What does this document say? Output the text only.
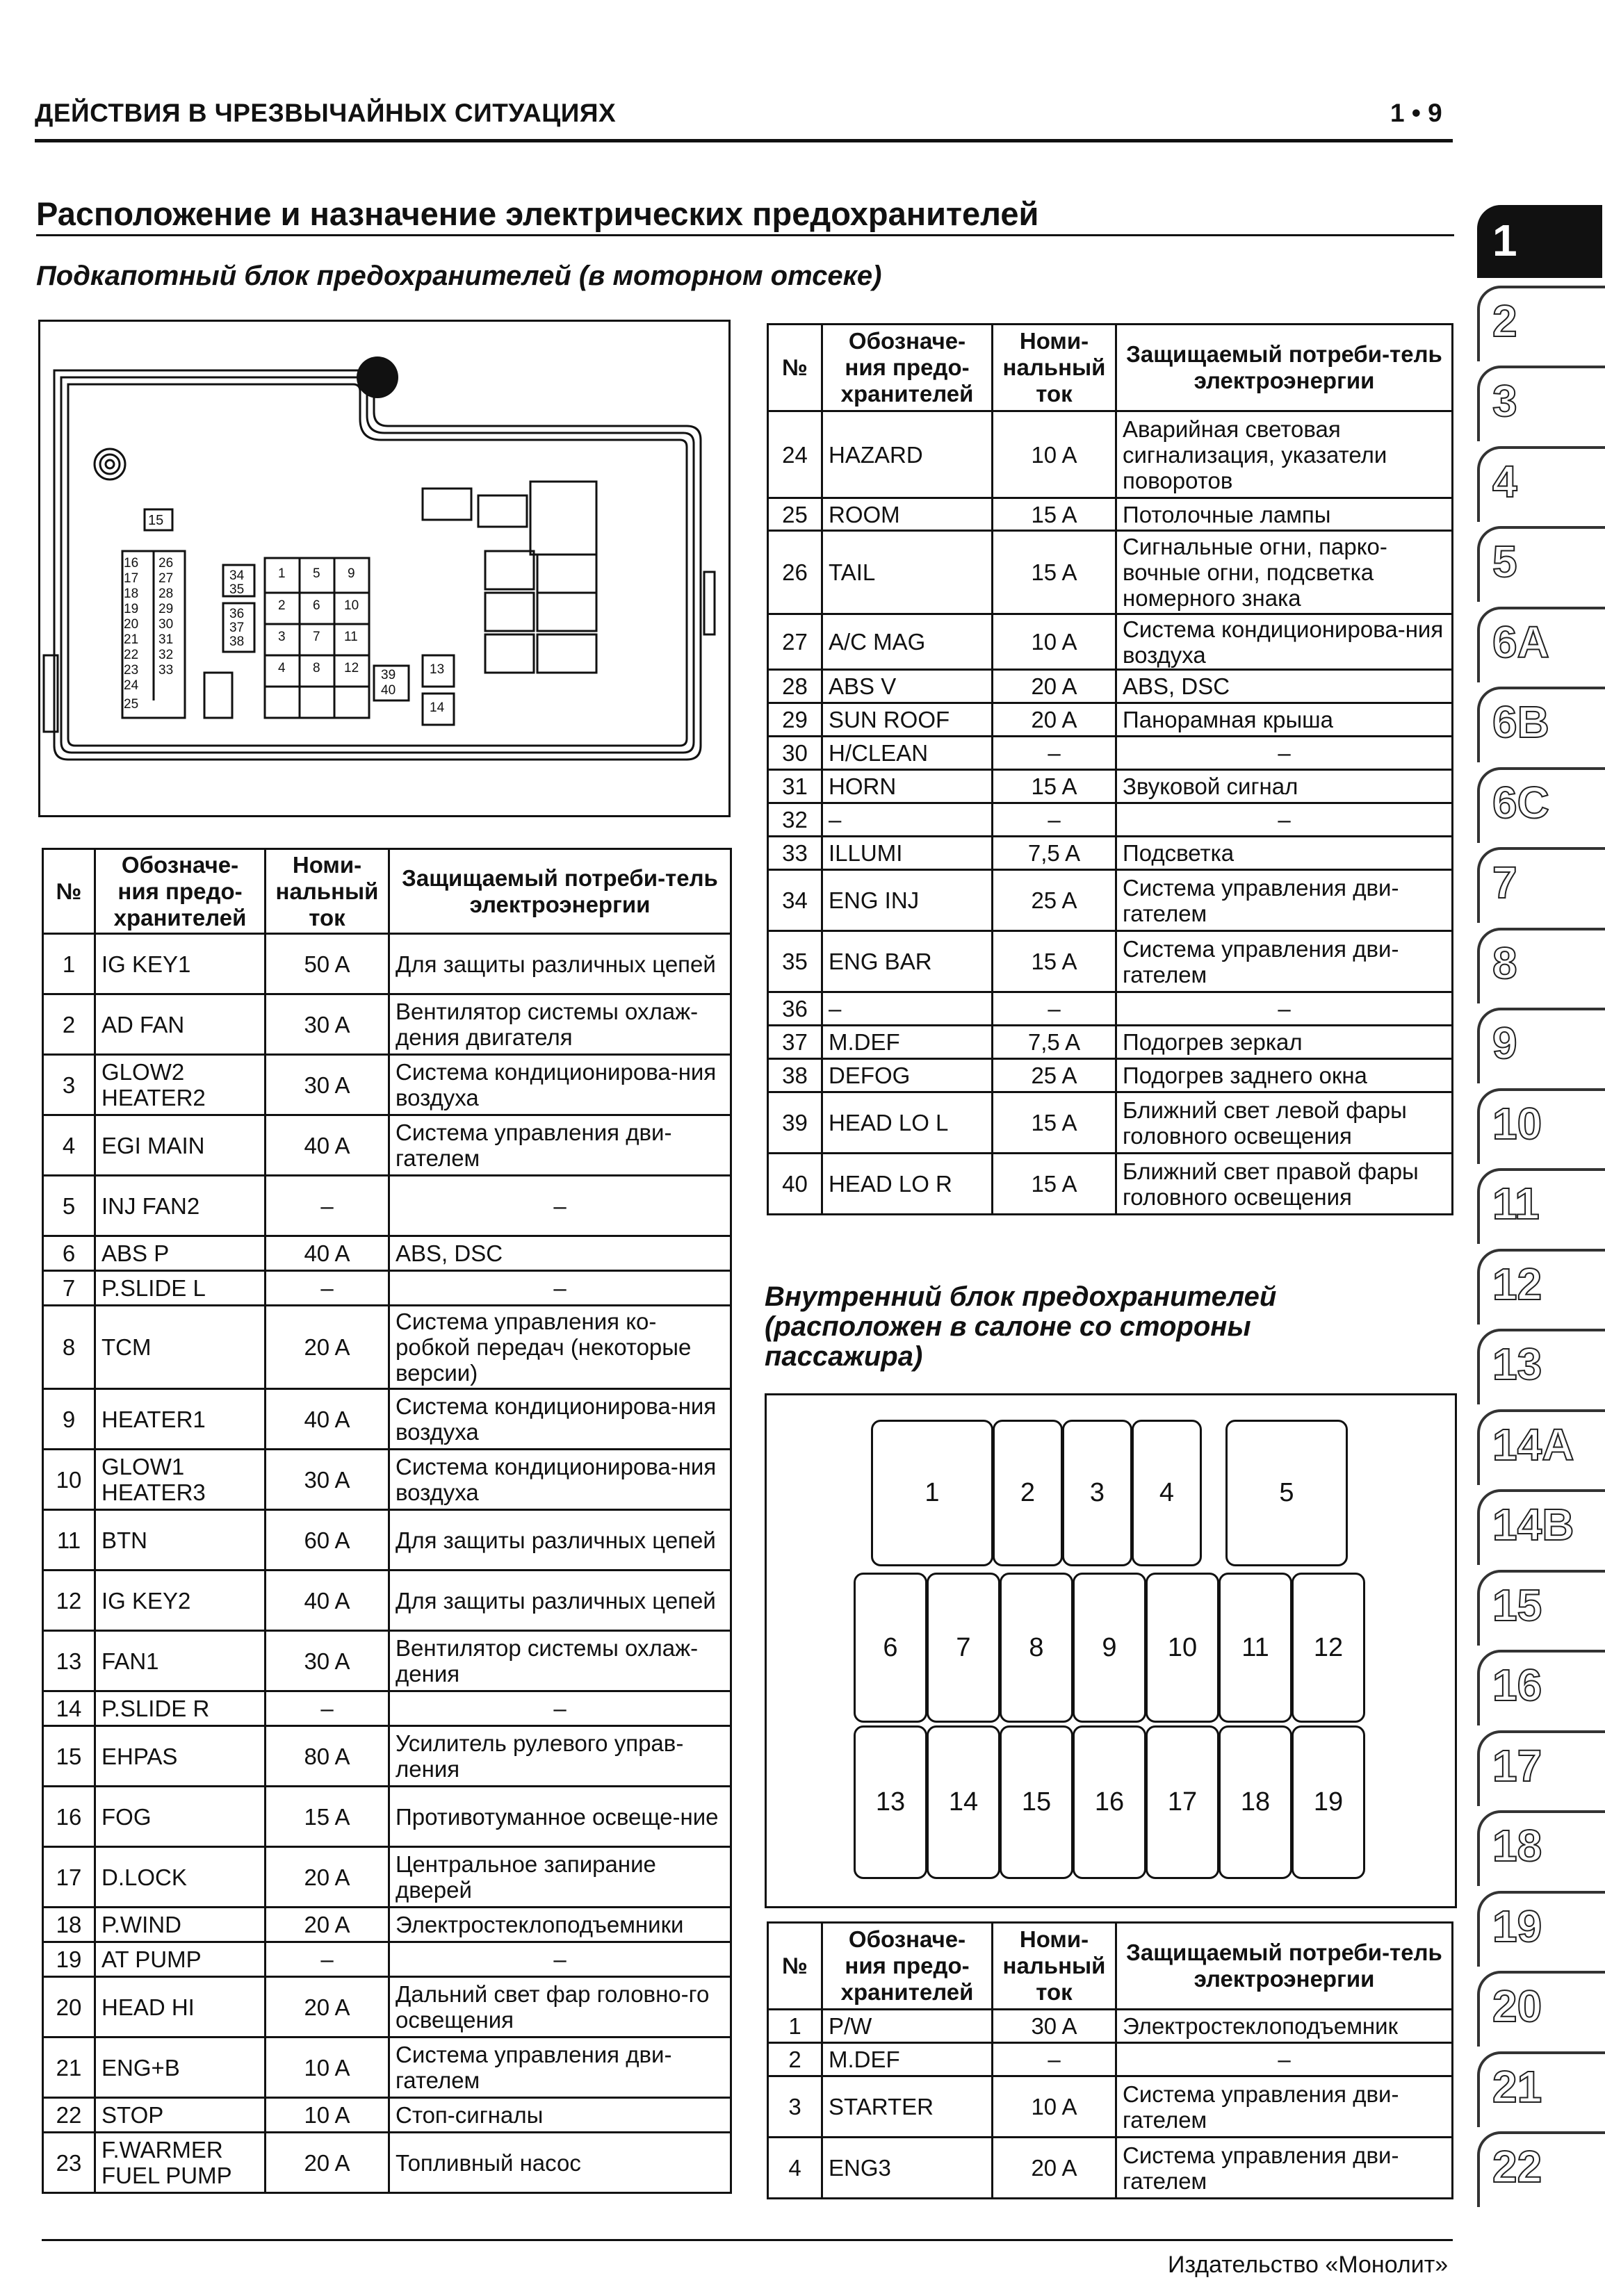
ДЕЙСТВИЯ В ЧРЕЗВЫЧАЙНЫХ СИТУАЦИЯХ	1 • 9
Расположение и назначение электрических предохранителей
Подкапотный блок предохранителей (в моторном отсеке)
15
16 26
17 27
18 28
19 29
20 30
21 31
22 32
23 33
24
25
34
35
36
37
38
1 5 9
2 6 10
3 7 11
4 8 12 39
40
13
14
№	Обозначе-ния предо-хранителей	Номи-нальный ток	Защищаемый потреби-тель электроэнергии
1	IG KEY1	50 A	Для защиты различных цепей
2	AD FAN	30 A	Вентилятор системы охлаж-дения двигателя
3	GLOW2 HEATER2	30 A	Система кондиционирова-ния воздуха
4	EGI MAIN	40 A	Система управления дви-гателем
5	INJ FAN2	–	–
6	ABS P	40 A	ABS, DSC
7	P.SLIDE L	–	–
8	TCM	20 A	Система управления ко-робкой передач (некоторые версии)
9	HEATER1	40 A	Система кондиционирова-ния воздуха
10	GLOW1 HEATER3	30 A	Система кондиционирова-ния воздуха
11	BTN	60 A	Для защиты различных цепей
12	IG KEY2	40 A	Для защиты различных цепей
13	FAN1	30 A	Вентилятор системы охлаж-дения
14	P.SLIDE R	–	–
15	EHPAS	80 A	Усилитель рулевого управ-ления
16	FOG	15 A	Противотуманное освеще-ние
17	D.LOCK	20 A	Центральное запирание дверей
18	P.WIND	20 A	Электростеклоподъемники
19	AT PUMP	–	–
20	HEAD HI	20 A	Дальний свет фар головно-го освещения
21	ENG+B	10 A	Система управления дви-гателем
22	STOP	10 A	Стоп-сигналы
23	F.WARMER FUEL PUMP	20 A	Топливный насос
№	Обозначе-ния предо-хранителей	Номи-нальный ток	Защищаемый потреби-тель электроэнергии
24	HAZARD	10 A	Аварийная световая сигнализация, указатели поворотов
25	ROOM	15 A	Потолочные лампы
26	TAIL	15 A	Сигнальные огни, парко-вочные огни, подсветка номерного знака
27	A/C MAG	10 A	Система кондиционирова-ния воздуха
28	ABS V	20 A	ABS, DSC
29	SUN ROOF	20 A	Панорамная крыша
30	H/CLEAN	–	–
31	HORN	15 A	Звуковой сигнал
32	–	–	–
33	ILLUMI	7,5 A	Подсветка
34	ENG INJ	25 A	Система управления дви-гателем
35	ENG BAR	15 A	Система управления дви-гателем
36	–	–	–
37	M.DEF	7,5 A	Подогрев зеркал
38	DEFOG	25 A	Подогрев заднего окна
39	HEAD LO L	15 A	Ближний свет левой фары головного освещения
40	HEAD LO R	15 A	Ближний свет правой фары головного освещения
Внутренний блок предохранителей (расположен в салоне со стороны пассажира)
1	2	3	4	5
6	7	8	9	10	11	12
13	14	15	16	17	18	19
№	Обозначе-ния предо-хранителей	Номи-нальный ток	Защищаемый потреби-тель электроэнергии
1	P/W	30 A	Электростеклоподъемник
2	M.DEF	–	–
3	STARTER	10 A	Система управления дви-гателем
4	ENG3	20 A	Система управления дви-гателем
1
2
3
4
5
6A
6B
6C
7
8
9
10
11
12
13
14A
14B
15
16
17
18
19
20
21
22
Издательство «Монолит»
